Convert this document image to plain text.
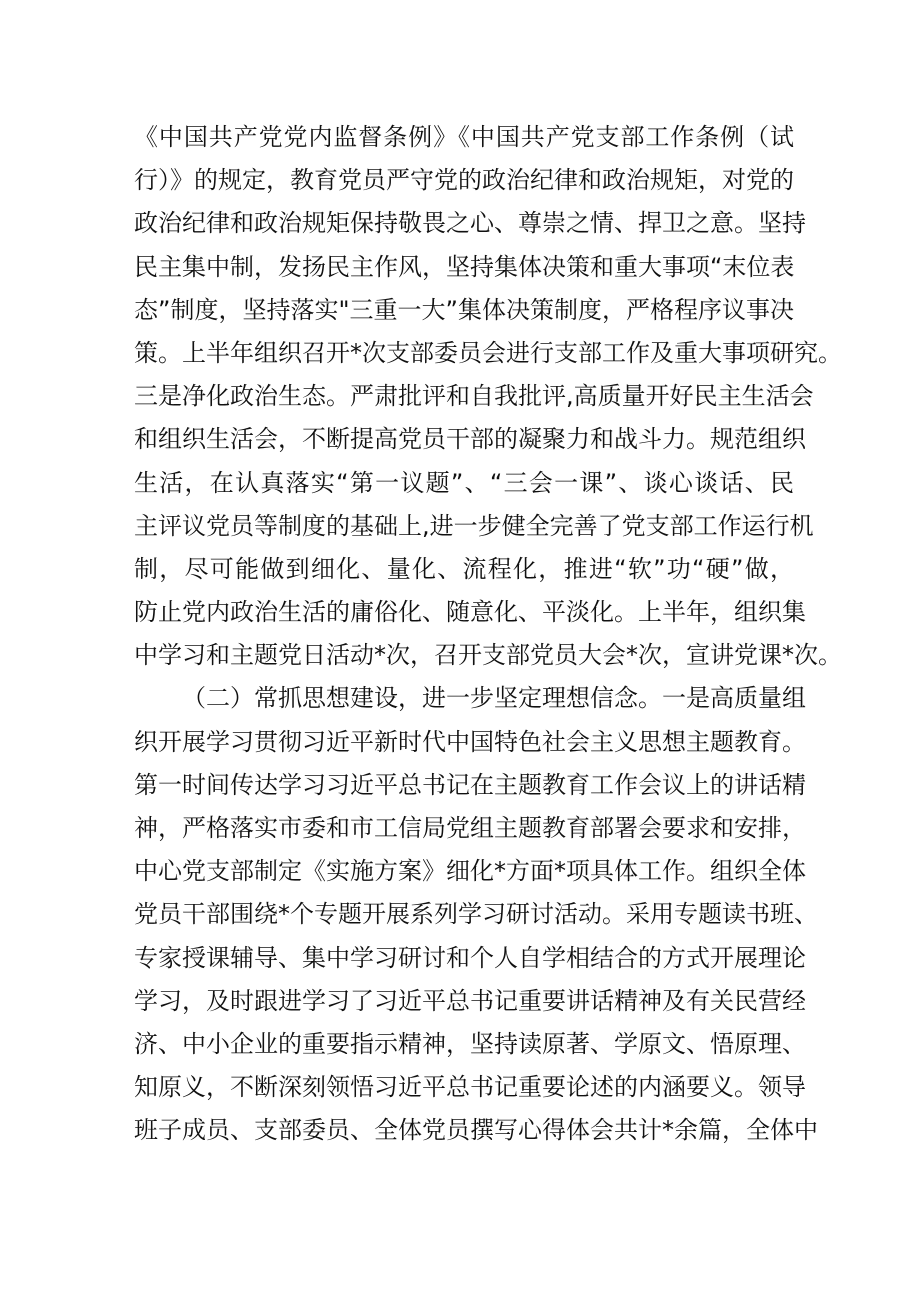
《中国共产党党内监督条例》《中国共产党支部工作条例（试
行）》的规定，教育党员严守党的政治纪律和政治规矩，对党的
政治纪律和政治规矩保持敬畏之心、尊崇之情、捍卫之意。坚持
民主集中制，发扬民主作风，坚持集体决策和重大事项“末位表
态”制度，坚持落实"三重一大”集体决策制度，严格程序议事决
策。上半年组织召开*次支部委员会进行支部工作及重大事项研究。
三是净化政治生态。严肃批评和自我批评,高质量开好民主生活会
和组织生活会，不断提高党员干部的凝聚力和战斗力。规范组织
生活，在认真落实“第一议题”、“三会一课”、谈心谈话、民
主评议党员等制度的基础上,进一步健全完善了党支部工作运行机
制，尽可能做到细化、量化、流程化，推进“软”功“硬”做，
防止党内政治生活的庸俗化、随意化、平淡化。上半年，组织集
中学习和主题党日活动*次，召开支部党员大会*次，宣讲党课*次。
（二）常抓思想建设，进一步坚定理想信念。一是高质量组
织开展学习贯彻习近平新时代中国特色社会主义思想主题教育。
第一时间传达学习习近平总书记在主题教育工作会议上的讲话精
神，严格落实市委和市工信局党组主题教育部署会要求和安排，
中心党支部制定《实施方案》细化*方面*项具体工作。组织全体
党员干部围绕*个专题开展系列学习研讨活动。采用专题读书班、
专家授课辅导、集中学习研讨和个人自学相结合的方式开展理论
学习，及时跟进学习了习近平总书记重要讲话精神及有关民营经
济、中小企业的重要指示精神，坚持读原著、学原文、悟原理、
知原义，不断深刻领悟习近平总书记重要论述的内涵要义。领导
班子成员、支部委员、全体党员撰写心得体会共计*余篇，全体中
